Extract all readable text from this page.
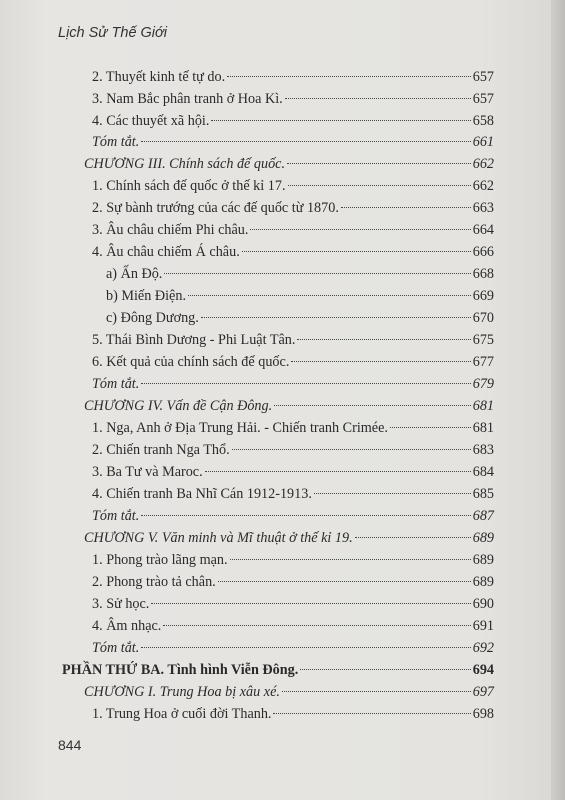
Lịch Sử Thế Giới
2. Thuyết kinh tế tự do.	657
3. Nam Bắc phân tranh ở Hoa Kì.	657
4. Các thuyết xã hội.	658
Tóm tắt.	661
CHƯƠNG III. Chính sách đế quốc.	662
1. Chính sách đế quốc ở thế kỉ 17.	662
2. Sự bành trướng của các đế quốc từ 1870.	663
3. Âu châu chiếm Phi châu.	664
4. Âu châu chiếm Á châu.	666
a) Ấn Độ.	668
b) Miến Điện.	669
c) Đông Dương.	670
5. Thái Bình Dương - Phi Luật Tân.	675
6. Kết quả của chính sách đế quốc.	677
Tóm tắt.	679
CHƯƠNG IV. Vấn đề Cận Đông.	681
1. Nga, Anh ở Địa Trung Hải. - Chiến tranh Crimée.	681
2. Chiến tranh Nga Thổ.	683
3. Ba Tư và Maroc.	684
4. Chiến tranh Ba Nhĩ Cán 1912-1913.	685
Tóm tắt.	687
CHƯƠNG V. Văn minh và Mĩ thuật ở thế kỉ 19.	689
1. Phong trào lãng mạn.	689
2. Phong trào tả chân.	689
3. Sử học.	690
4. Âm nhạc.	691
Tóm tắt.	692
PHẦN THỨ BA. Tình hình Viễn Đông.	694
CHƯƠNG I. Trung Hoa bị xâu xé.	697
1. Trung Hoa ở cuối đời Thanh.	698
844
